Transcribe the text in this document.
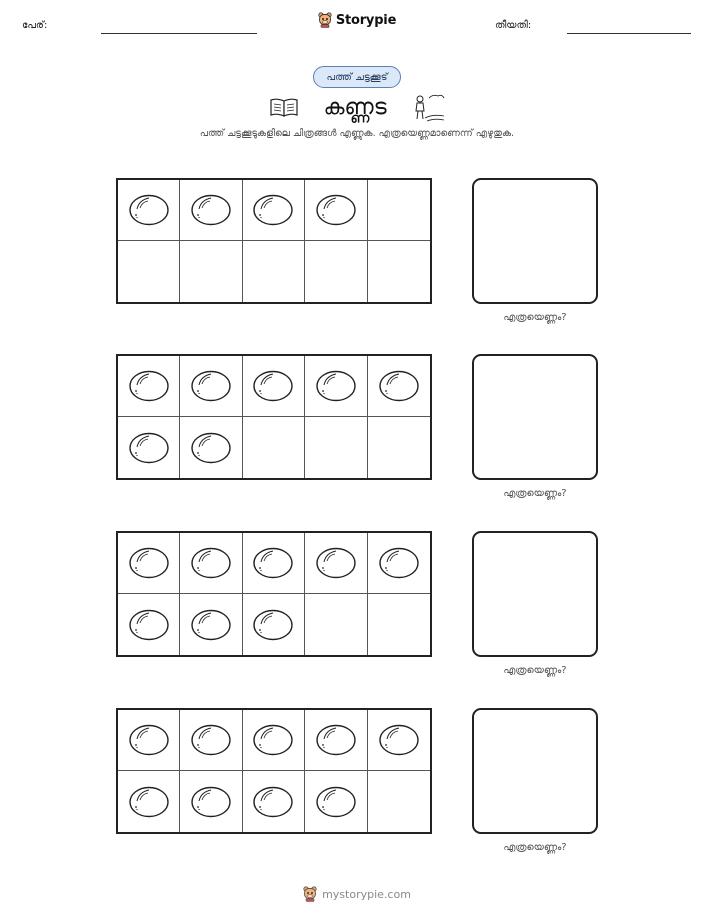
പേര്:	Storypie	തീയതി:
പത്ത് ചട്ടക്കൂട്
കണ്ണട
പത്ത് ചട്ടക്കൂടുകളിലെ ചിത്രങ്ങൾ എണ്ണുക. എത്രയെണ്ണമാണെന്ന് എഴുതുക.
എത്രയെണ്ണം?
എത്രയെണ്ണം?
എത്രയെണ്ണം?
എത്രയെണ്ണം?
mystorypie.com
